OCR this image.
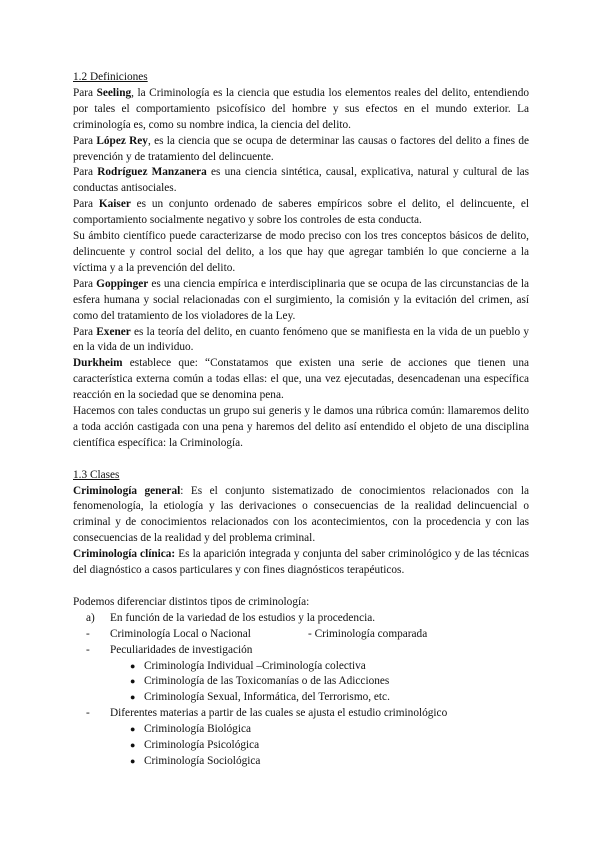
1.2 Definiciones

Para Seeling, la Criminología es la ciencia que estudia los elementos reales del delito, entendiendo por tales el comportamiento psicofísico del hombre y sus efectos en el mundo exterior. La criminología es, como su nombre indica, la ciencia del delito.

Para López Rey, es la ciencia que se ocupa de determinar las causas o factores del delito a fines de prevención y de tratamiento del delincuente.

Para Rodríguez Manzanera es una ciencia sintética, causal, explicativa, natural y cultural de las conductas antisociales.

Para Kaiser es un conjunto ordenado de saberes empíricos sobre el delito, el delincuente, el comportamiento socialmente negativo y sobre los controles de esta conducta.

Su ámbito científico puede caracterizarse de modo preciso con los tres conceptos básicos de delito, delincuente y control social del delito, a los que hay que agregar también lo que concierne a la víctima y a la prevención del delito.

Para Goppinger es una ciencia empírica e interdisciplinaria que se ocupa de las circunstancias de la esfera humana y social relacionadas con el surgimiento, la comisión y la evitación del crimen, así como del tratamiento de los violadores de la Ley.

Para Exener es la teoría del delito, en cuanto fenómeno que se manifiesta en la vida de un pueblo y en la vida de un individuo.

Durkheim establece que: “Constatamos que existen una serie de acciones que tienen una característica externa común a todas ellas: el que, una vez ejecutadas, desencadenan una específica reacción en la sociedad que se denomina pena.

Hacemos con tales conductas un grupo sui generis y le damos una rúbrica común: llamaremos delito a toda acción castigada con una pena y haremos del delito así entendido el objeto de una disciplina científica específica: la Criminología.

1.3 Clases

Criminología general: Es el conjunto sistematizado de conocimientos relacionados con la fenomenología, la etiología y las derivaciones o consecuencias de la realidad delincuencial o criminal y de conocimientos relacionados con los acontecimientos, con la procedencia y con las consecuencias de la realidad y del problema criminal.

Criminología clínica: Es la aparición integrada y conjunta del saber criminológico y de las técnicas del diagnóstico a casos particulares y con fines diagnósticos terapéuticos.

Podemos diferenciar distintos tipos de criminología:

a)	En función de la variedad de los estudios y la procedencia.
-	Criminología Local o Nacional	- Criminología comparada
-	Peculiaridades de investigación
● Criminología Individual –Criminología colectiva
● Criminología de las Toxicomanías o de las Adicciones
● Criminología Sexual, Informática, del Terrorismo, etc.
-	Diferentes materias a partir de las cuales se ajusta el estudio criminológico
● Criminología Biológica
● Criminología Psicológica
● Criminología Sociológica
